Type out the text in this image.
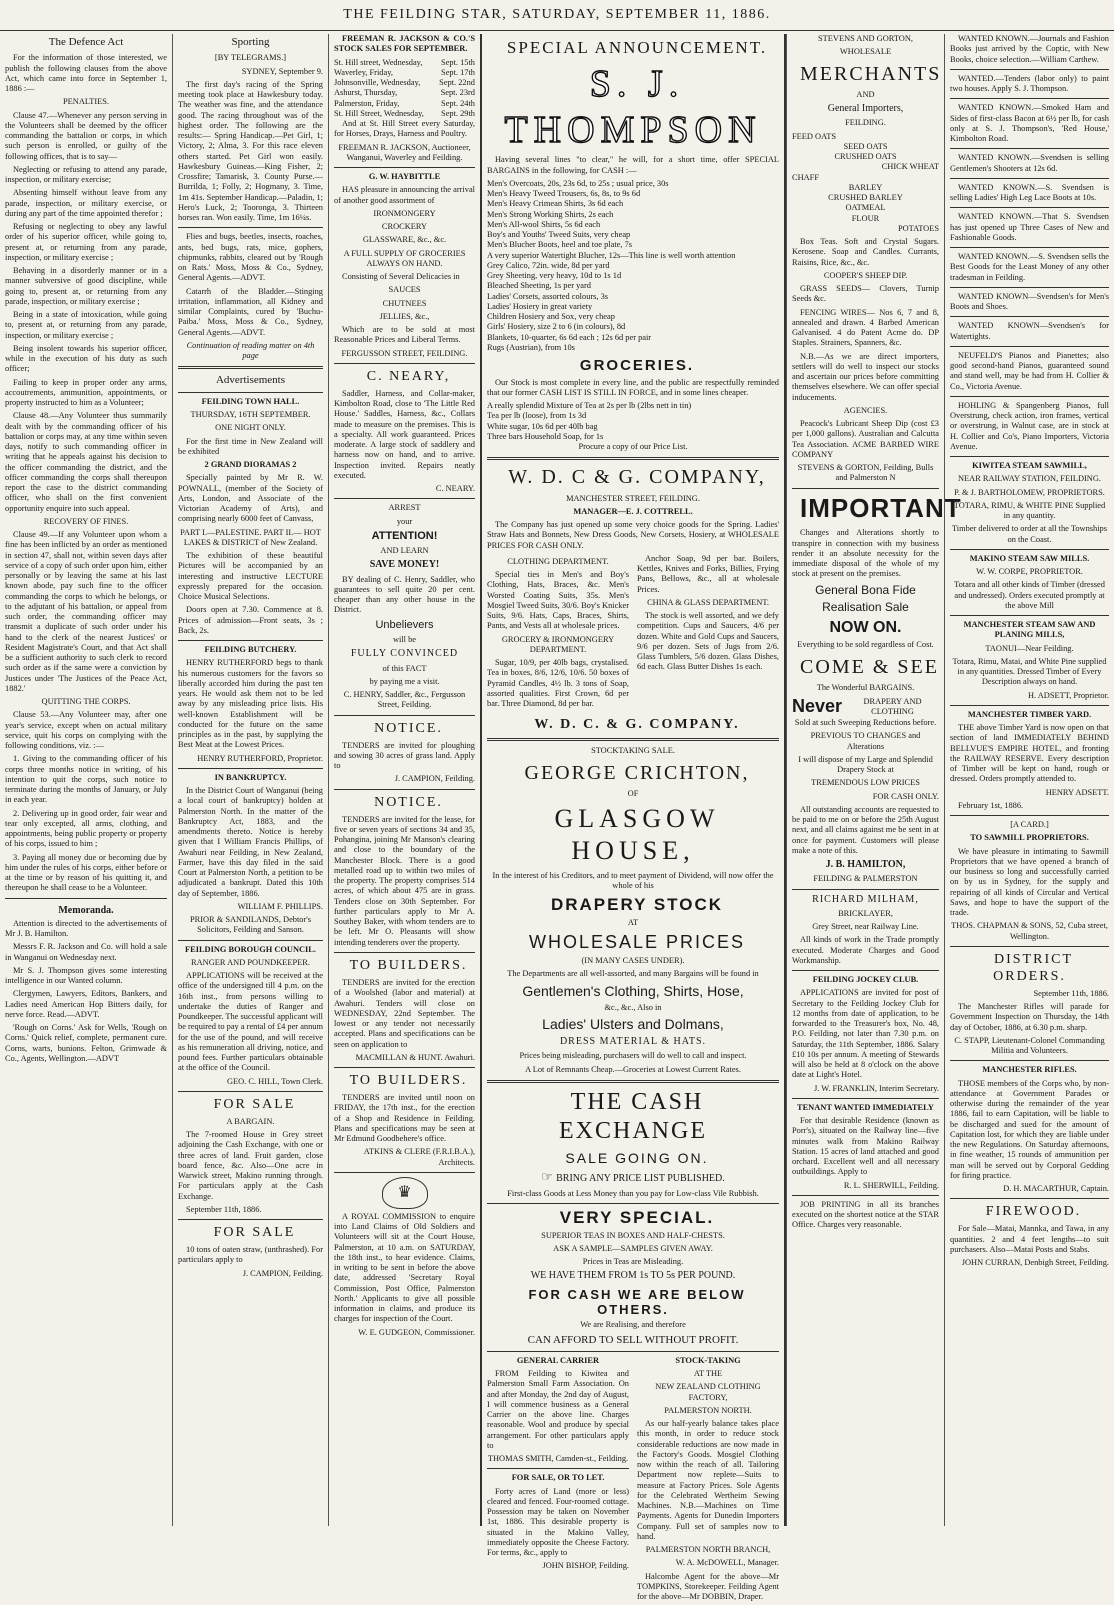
THE FEILDING STAR, SATURDAY, SEPTEMBER 11, 1886.
The Defence Act

For the information of those interested, we publish the following clauses from the above Act, which came into force in September 1, 1886 :—

PENALTIES.

Clause 47.—Whenever any person serving in the Volunteers shall be deemed by the officer commanding the battalion or corps, in which such person is enrolled, or guilty of the following offices, that is to say—

Neglecting or refusing to attend any parade, inspection, or military exercise;

Absenting himself without leave from any parade, inspection, or military exercise, or during any part of the time appointed therefor ;

Refusing or neglecting to obey any lawful order of his superior officer, while going to, present at, or returning from any parade, inspection, or military exercise ;

Behaving in a disorderly manner or in a manner subversive of good discipline, while going to, present at, or returning from any parade, inspection, or military exercise ;

Being in a state of intoxication, while going to, present at, or returning from any parade, inspection, or military exercise ;

Being insolent towards his superior officer, while in the execution of his duty as such officer;

Failing to keep in proper order any arms, accoutrements, ammunition, appointments, or property instructed to him as a Volunteer;

Clause 48.—Any Volunteer thus summarily dealt with by the commanding officer of his battalion or corps may, at any time within seven days, notify to such commanding officer in writing that he appeals against his decision to the officer commanding the district, and the officer commanding the corps shall thereupon report the case to the district commanding officer, who shall on the first convenient opportunity enquire into such appeal.

RECOVERY OF FINES.

Clause 49.—If any Volunteer upon whom a fine has been inflicted by an order as mentioned in section 47, shall not, within seven days after service of a copy of such order upon him, either personally or by leaving the same at his last known abode, pay such fine to the officer commanding the corps to which he belongs, or to the adjutant of his battalion, or appeal from such order, the commanding officer may transmit a duplicate of such order under his hand to the clerk of the nearest Justices' or Resident Magistrate's Court, and that Act shall be a sufficient authority to such clerk to record such order as if the same were a conviction by Justices under 'The Justices of the Peace Act, 1882.'

QUITTING THE CORPS.

Clause 53.—Any Volunteer may, after one year's service, except when on actual military service, quit his corps on complying with the following conditions, viz. :—

1. Giving to the commanding officer of his corps three months notice in writing, of his intention to quit the corps, such notice to terminate during the months of January, or July in each year.

2. Delivering up in good order, fair wear and tear only excepted, all arms, clothing, and appointments, being public property or property of his corps, issued to him ;

3. Paying all money due or becoming due by him under the rules of his corps, either before or at the time or by reason of his quitting it, and thereupon he shall cease to be a Volunteer.

Memoranda.

Attention is directed to the advertisements of Mr J. B. Hamilton.

Messrs F. R. Jackson and Co. will hold a sale in Wanganui on Wednesday next.

Mr S. J. Thompson gives some interesting intelligence in our Wanted column.

Clergymen, Lawyers, Editors, Bankers, and Ladies need American Hop Bitters daily, for nerve force. Read.—ADVT.

'Rough on Corns.' Ask for Wells, 'Rough on Corns.' Quick relief, complete, permanent cure. Corns, warts, bunions. Felton, Grimwade & Co., Agents, Wellington.—ADVT

Sporting

[BY TELEGRAMS.]

SYDNEY, September 9.

The first day's racing of the Spring meeting took place at Hawkesbury today. The weather was fine, and the attendance good. The racing throughout was of the highest order. The following are the results:— Spring Handicap.—Pet Girl, 1; Victory, 2; Alma, 3. For this race eleven others started. Pet Girl won easily. Hawkesbury Guineas.—King Fisher, 2; Crossfire; Tamarisk, 3. County Purse.—Burrilda, 1; Folly, 2; Hogmany, 3. Time, 1m 41s. September Handicap.—Paladin, 1; Hero's Luck, 2; Tooronga, 3. Thirteen horses ran. Won easily. Time, 1m 16¼s.

Flies and bugs, beetles, insects, roaches, ants, bed bugs, rats, mice, gophers, chipmunks, rabbits, cleared out by 'Rough on Rats.' Moss, Moss & Co., Sydney, General Agents.—ADVT.

Catarrh of the Bladder.—Stinging irritation, inflammation, all Kidney and similar Complaints, cured by 'Buchu-Paiba.' Moss, Moss & Co., Sydney, General Agents.—ADVT.

Continuation of reading matter on 4th page

Advertisements

FEILDING TOWN HALL.

THURSDAY, 16TH SEPTEMBER.

ONE NIGHT ONLY.

For the first time in New Zealand will be exhibited

2 GRAND DIORAMAS 2

Specially painted by Mr R. W. POWNALL, (member of the Society of Arts, London, and Associate of the Victorian Academy of Arts), and comprising nearly 6000 feet of Canvass,

PART I.—PALESTINE. PART II.— HOT LAKES & DISTRICT of New Zealand.

The exhibition of these beautiful Pictures will be accompanied by an interesting and instructive LECTURE expressly prepared for the occasion. Choice Musical Selections.

Doors open at 7.30. Commence at 8. Prices of admission—Front seats, 3s ; Back, 2s.

FEILDING BUTCHERY.

HENRY RUTHERFORD begs to thank his numerous customers for the favors so liberally accorded him during the past ten years. He would ask them not to be led away by any misleading price lists. His well-known Establishment will be conducted for the future on the same principles as in the past, by supplying the Best Meat at the Lowest Prices.

HENRY RUTHERFORD, Proprietor.

IN BANKRUPTCY.

In the District Court of Wanganui (being a local court of bankruptcy) holden at Palmerston North. In the matter of the Bankruptcy Act, 1883, and the amendments thereto. Notice is hereby given that I William Francis Phillips, of Awahuri near Feilding, in New Zealand, Farmer, have this day filed in the said Court at Palmerston North, a petition to be adjudicated a bankrupt. Dated this 10th day of September, 1886.

WILLIAM F. PHILLIPS.

PRIOR & SANDILANDS, Debtor's Solicitors, Feilding and Sanson.

FEILDING BOROUGH COUNCIL.

RANGER AND POUNDKEEPER.

APPLICATIONS will be received at the office of the undersigned till 4 p.m. on the 16th inst., from persons willing to undertake the duties of Ranger and Poundkeeper. The successful applicant will be required to pay a rental of £4 per annum for the use of the pound, and will receive as his remuneration all driving, notice, and pound fees. Further particulars obtainable at the office of the Council.

GEO. C. HILL, Town Clerk.

FOR SALE

A BARGAIN.

The 7-roomed House in Grey street adjoining the Cash Exchange, with one or three acres of land. Fruit garden, close board fence, &c. Also—One acre in Warwick street, Makino running through. For particulars apply at the Cash Exchange.

September 11th, 1886.

FOR SALE

10 tons of oaten straw, (unthrashed). For particulars apply to

J. CAMPION, Feilding.

FREEMAN R. JACKSON & CO.'S STOCK SALES FOR SEPTEMBER.

St. Hill street, Wednesday, Sept. 15th
Waverley, Friday,	Sept. 17th
Johnsonville, Wednesday, Sept. 22nd
Ashurst, Thursday,	Sept. 23rd
Palmerston, Friday,	Sept. 24th
St. Hill Street, Wednesday, Sept. 29th

And at St. Hill Street every Saturday, for Horses, Drays, Harness and Poultry.

FREEMAN R. JACKSON, Auctioneer, Wanganui, Waverley and Feilding.

G. W. HAYBITTLE

HAS pleasure in announcing the arrival of another good assortment of

IRONMONGERY

CROCKERY

GLASSWARE, &c., &c.

A FULL SUPPLY OF GROCERIES ALWAYS ON HAND.

Consisting of Several Delicacies in

SAUCES

CHUTNEES

JELLIES, &c.,

Which are to be sold at most Reasonable Prices and Liberal Terms.

FERGUSSON STREET, FEILDING.

C. NEARY,

Saddler, Harness, and Collar-maker, Kimbolton Road, close to 'The Little Red House.' Saddles, Harness, &c., Collars made to measure on the premises. This is a specialty. All work guaranteed. Prices moderate. A large stock of saddlery and harness now on hand, and to arrive. Inspection invited. Repairs neatly executed.

C. NEARY.

ARREST

your

ATTENTION!

AND LEARN

SAVE MONEY!

BY dealing of C. Henry, Saddler, who guarantees to sell quite 20 per cent. cheaper than any other house in the District.

Unbelievers

will be

FULLY CONVINCED

of this FACT

by paying me a visit.

C. HENRY, Saddler, &c., Fergusson Street, Feilding.

NOTICE.

TENDERS are invited for ploughing and sowing 30 acres of grass land. Apply to

J. CAMPION, Feilding.

NOTICE.

TENDERS are invited for the lease, for five or seven years of sections 34 and 35, Pohangina, joining Mr Manson's clearing and close to the boundary of the Manchester Block. There is a good metalled road up to within two miles of the property. The property comprises 514 acres, of which about 475 are in grass. Tenders close on 30th September. For further particulars apply to Mr A. Southey Baker, with whom tenders are to be left. Mr O. Pleasants will show intending tenderers over the property.

TO BUILDERS.

TENDERS are invited for the erection of a Woolshed (labor and material) at Awahuri. Tenders will close on WEDNESDAY, 22nd September. The lowest or any tender not necessarily accepted. Plans and specifications can be seen on application to

MACMILLAN & HUNT. Awahuri.

TO BUILDERS.

TENDERS are invited until noon on FRIDAY, the 17th inst., for the erection of a Shop and Residence in Feilding. Plans and specifications may be seen at Mr Edmund Goodbehere's office.

ATKINS & CLERE (F.R.I.B.A.), Architects.

♛

A ROYAL COMMISSION to enquire into Land Claims of Old Soldiers and Volunteers will sit at the Court House, Palmerston, at 10 a.m. on SATURDAY, the 18th inst., to hear evidence. Claims, in writing to be sent in before the above date, addressed 'Secretary Royal Commission, Post Office, Palmerston North.' Applicants to give all possible information in claims, and produce its charges for inspection of the Court.

W. E. GUDGEON, Commissioner.

SPECIAL ANNOUNCEMENT.

S. J. THOMPSON

Having several lines "to clear," he will, for a short time, offer SPECIAL BARGAINS in the following, for CASH :—

Men's Overcoats, 20s, 23s 6d, to 25s ; usual price, 30s
Men's Heavy Tweed Trousers, 6s, 8s, to 9s 6d
Men's Heavy Crimean Shirts, 3s 6d each
Men's Strong Working Shirts, 2s each
Men's All-wool Shirts, 5s 6d each
Boy's and Youths' Tweed Suits, very cheap
Men's Blucher Boots, heel and toe plate, 7s
A very superior Watertight Blucher, 12s—This line is well worth attention
Grey Calico, 72in. wide, 8d per yard
Grey Sheeting, very heavy, 10d to 1s 1d
Bleached Sheeting, 1s per yard
Ladies' Corsets, assorted colours, 3s
Ladies' Hosiery in great variety
Children Hosiery and Sox, very cheap
Girls' Hosiery, size 2 to 6 (in colours), 8d
Blankets, 10-quarter, 6s 6d each ; 12s 6d per pair
Rugs (Austrian), from 10s

GROCERIES.

Our Stock is most complete in every line, and the public are respectfully reminded that our former CASH LIST IS STILL IN FORCE, and in some lines cheaper.

A really splendid Mixture of Tea at 2s per lb (2lbs nett in tin)
Tea per lb (loose), from 1s 3d
White sugar, 10s 6d per 40lb bag
Three bars Household Soap, for 1s
Procure a copy of our Price List.

W. D. C & G. COMPANY,

MANCHESTER STREET, FEILDING.

MANAGER—E. J. COTTRELL.

The Company has just opened up some very choice goods for the Spring. Ladies' Straw Hats and Bonnets, New Dress Goods, New Corsets, Hosiery, at WHOLESALE PRICES FOR CASH ONLY.

CLOTHING DEPARTMENT.

Special ties in Men's and Boy's Clothing, Hats, Braces, &c. Men's Worsted Coating Suits, 35s. Men's Mosgiel Tweed Suits, 30/6. Boy's Knicker Suits, 9/6. Hats, Caps, Braces, Shirts, Pants, and Vests all at wholesale prices.

GROCERY & IRONMONGERY DEPARTMENT.

Sugar, 10/9, per 40lb bags, crystalised. Tea in boxes, 8/6, 12/6, 10/6. 50 boxes of Pyramid Candles, 4½ lb. 3 tons of Soap, assorted qualities. First Crown, 6d per bar. Three Diamond, 8d per bar.

Anchor Soap, 9d per bar. Boilers, Kettles, Knives and Forks, Billies, Frying Pans, Bellows, &c., all at wholesale Prices.

CHINA & GLASS DEPARTMENT.

The stock is well assorted, and we defy competition. Cups and Saucers, 4/6 per dozen. White and Gold Cups and Saucers, 9/6 per dozen. Sets of Jugs from 2/6. Glass Tumblers, 5/6 dozen. Glass Dishes, 6d each. Glass Butter Dishes 1s each.

W. D. C. & G. COMPANY.

STOCKTAKING SALE.

GEORGE CRICHTON,

OF

GLASGOW HOUSE,

In the interest of his Creditors, and to meet payment of Dividend, will now offer the whole of his

DRAPERY STOCK

AT

WHOLESALE PRICES

(IN MANY CASES UNDER).

The Departments are all well-assorted, and many Bargains will be found in

Gentlemen's Clothing, Shirts, Hose,

&c., &c., Also in

Ladies' Ulsters and Dolmans,

DRESS MATERIAL & HATS.

Prices being misleading, purchasers will do well to call and inspect.

A Lot of Remnants Cheap.—Groceries at Lowest Current Rates.

THE CASH EXCHANGE

SALE GOING ON.

☞ BRING ANY PRICE LIST PUBLISHED.

First-class Goods at Less Money than you pay for Low-class Vile Rubbish.

VERY SPECIAL.

SUPERIOR TEAS IN BOXES AND HALF-CHESTS.

ASK A SAMPLE—SAMPLES GIVEN AWAY.

Prices in Teas are Misleading.

WE HAVE THEM FROM 1s TO 5s PER POUND.

FOR CASH WE ARE BELOW OTHERS.

We are Realising, and therefore

CAN AFFORD TO SELL WITHOUT PROFIT.

GENERAL CARRIER

FROM Feilding to Kiwitea and Palmerston Small Farm Association. On and after Monday, the 2nd day of August, I will commence business as a General Carrier on the above line. Charges reasonable. Wool and produce by special arrangement. For other particulars apply to

THOMAS SMITH, Camden-st., Feilding.

FOR SALE, OR TO LET.

Forty acres of Land (more or less) cleared and fenced. Four-roomed cottage. Possession may be taken on November 1st, 1886. This desirable property is situated in the Makino Valley, immediately opposite the Cheese Factory. For terms, &c., apply to

JOHN BISHOP, Feilding.

STOCK-TAKING

AT THE

NEW ZEALAND CLOTHING FACTORY,

PALMERSTON NORTH.

As our half-yearly balance takes place this month, in order to reduce stock considerable reductions are now made in the Factory's Goods. Mosgiel Clothing now within the reach of all. Tailoring Department now replete—Suits to measure at Factory Prices. Sole Agents for the Celebrated Wertheim Sewing Machines. N.B.—Machines on Time Payments. Agents for Dunedin Importers Company. Full set of samples now to hand.

PALMERSTON NORTH BRANCH,

W. A. McDOWELL, Manager.

Halcombe Agent for the above—Mr TOMPKINS, Storekeeper. Feilding Agent for the above—Mr DOBBIN, Draper.

STEVENS AND GORTON,

WHOLESALE

MERCHANTS

AND

General Importers,

FEILDING.

FEED OATS
SEED OATS
CRUSHED OATS
CHICK WHEAT
CHAFF
BARLEY
CRUSHED BARLEY
OATMEAL
FLOUR
POTATOES

Box Teas. Soft and Crystal Sugars. Kerosene. Soap and Candles. Currants, Raisins, Rice, &c., &c.

COOPER'S SHEEP DIP.

GRASS SEEDS— Clovers, Turnip Seeds &c.

FENCING WIRES— Nos 6, 7 and 8, annealed and drawn. 4 Barbed American Galvanised. 4 do Patent Acme do. DP Staples. Strainers, Spanners, &c.

N.B.—As we are direct importers, settlers will do well to inspect our stocks and ascertain our prices before committing themselves elsewhere. We can offer special inducements.

AGENCIES.

Peacock's Lubricant Sheep Dip (cost £3 per 1,000 gallons). Australian and Calcutta Tea Association. ACME BARBED WIRE COMPANY

STEVENS & GORTON, Feilding, Bulls and Palmerston N

IMPORTANT

Changes and Alterations shortly to transpire in connection with my business render it an absolute necessity for the immediate disposal of the whole of my stock at present on the premises.

General Bona Fide

Realisation Sale

NOW ON.

Everything to be sold regardless of Cost.

COME & SEE

The Wonderful BARGAINS.

Never	DRAPERY AND CLOTHING

Sold at such Sweeping Reductions before.

PREVIOUS TO CHANGES and Alterations

I will dispose of my Large and Splendid Drapery Stock at

TREMENDOUS LOW PRICES

FOR CASH ONLY.

All outstanding accounts are requested to be paid to me on or before the 25th August next, and all claims against me be sent in at once for payment. Customers will please make a note of this.

J. B. HAMILTON,

FEILDING & PALMERSTON

RICHARD MILHAM,

BRICKLAYER,

Grey Street, near Railway Line.

All kinds of work in the Trade promptly executed. Moderate Charges and Good Workmanship.

FEILDING JOCKEY CLUB.

APPLICATIONS are invited for post of Secretary to the Feilding Jockey Club for 12 months from date of application, to be forwarded to the Treasurer's box, No. 48, P.O. Feilding, not later than 7.30 p.m. on Saturday, the 11th September, 1886. Salary £10 10s per annum. A meeting of Stewards will also be held at 8 o'clock on the above date at Light's Hotel.

J. W. FRANKLIN, Interim Secretary.

TENANT WANTED IMMEDIATELY

For that desirable Residence (known as Porr's), situated on the Railway line—five minutes walk from Makino Railway Station. 15 acres of land attached and good orchard. Excellent well and all necessary outbuildings. Apply to

R. L. SHERWILL, Feilding.

JOB PRINTING in all its branches executed on the shortest notice at the STAR Office. Charges very reasonable.

WANTED KNOWN.—Journals and Fashion Books just arrived by the Coptic, with New Books, choice selection.—William Carthew.

WANTED.—Tenders (labor only) to paint two houses. Apply S. J. Thompson.

WANTED KNOWN.—Smoked Ham and Sides of first-class Bacon at 6½ per lb, for cash only at S. J. Thompson's, 'Red House,' Kimbolton Road.

WANTED KNOWN.—Svendsen is selling Gentlemen's Shooters at 12s 6d.

WANTED KNOWN.—S. Svendsen is selling Ladies' High Leg Lace Boots at 10s.

WANTED KNOWN.—That S. Svendsen has just opened up Three Cases of New and Fashionable Goods.

WANTED KNOWN.—S. Svendsen sells the Best Goods for the Least Money of any other tradesman in Feilding.

WANTED KNOWN—Svendsen's for Men's Boots and Shoes.

WANTED KNOWN—Svendsen's for Watertights.

NEUFELD'S Pianos and Pianettes; also good second-hand Pianos, guaranteed sound and stand well, may be had from H. Collier & Co., Victoria Avenue.

HOHLING & Spangenberg Pianos, full Overstrung, check action, iron frames, vertical or overstrung, in Walnut case, are in stock at H. Collier and Co's, Piano Importers, Victoria Avenue.

KIWITEA STEAM SAWMILL,

NEAR RAILWAY STATION, FEILDING.

P. & J. BARTHOLOMEW, PROPRIETORS.

TOTARA, RIMU, & WHITE PINE Supplied in any quantity.

Timber delivered to order at all the Townships on the Coast.

MAKINO STEAM SAW MILLS.

W. W. CORPE, PROPRIETOR.

Totara and all other kinds of Timber (dressed and undressed). Orders executed promptly at the above Mill

MANCHESTER STEAM SAW AND PLANING MILLS,

TAONUI—Near Feilding.

Totara, Rimu, Matai, and White Pine supplied in any quantities. Dressed Timber of Every Description always on hand.

H. ADSETT, Proprietor.

MANCHESTER TIMBER YARD.

THE above Timber Yard is now open on that section of land IMMEDIATELY BEHIND BELLVUE'S EMPIRE HOTEL, and fronting the RAILWAY RESERVE. Every description of Timber will be kept on hand, rough or dressed. Orders promptly attended to.

HENRY ADSETT.

February 1st, 1886.

[A CARD.]

TO SAWMILL PROPRIETORS.

We have pleasure in intimating to Sawmill Proprietors that we have opened a branch of our business so long and successfully carried on by us in Sydney, for the supply and repairing of all kinds of Circular and Vertical Saws, and hope to have the support of the trade.

THOS. CHAPMAN & SONS, 52, Cuba street, Wellington.

DISTRICT ORDERS.

September 11th, 1886.

The Manchester Rifles will parade for Government Inspection on Thursday, the 14th day of October, 1886, at 6.30 p.m. sharp.

C. STAPP, Lieutenant-Colonel Commanding Militia and Volunteers.

MANCHESTER RIFLES.

THOSE members of the Corps who, by non-attendance at Government Parades or otherwise during the remainder of the year 1886, fail to earn Capitation, will be liable to be discharged and sued for the amount of Capitation lost, for which they are liable under the new Regulations. On Saturday afternoons, in fine weather, 15 rounds of ammunition per man will be served out by Corporal Gedding for firing practice.

D. H. MACARTHUR, Captain.

FIREWOOD.

For Sale—Matai, Mannka, and Tawa, in any quantities. 2 and 4 feet lengths—to suit purchasers. Also—Matai Posts and Stabs.

JOHN CURRAN, Denbigh Street, Feilding.
